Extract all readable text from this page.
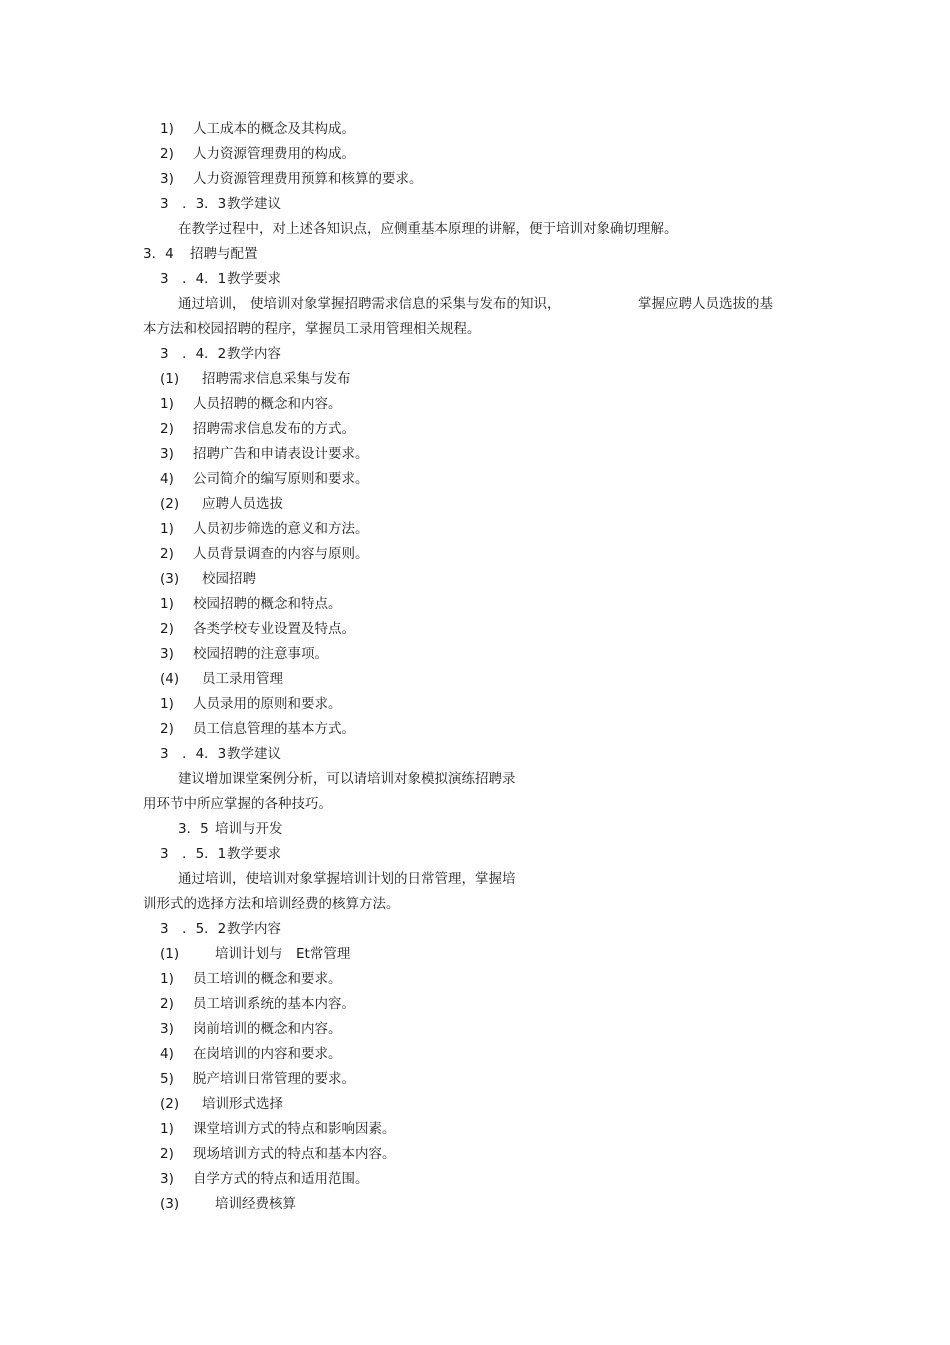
1) 人工成本的概念及其构成。
2) 人力资源管理费用的构成。
3) 人力资源管理费用预算和核算的要求。
3　．3．3 教学建议
在教学过程中，对上述各知识点，应侧重基本原理的讲解，便于培训对象确切理解。
3．4 招聘与配置
3　．4．1 教学要求
通过培训， 使培训对象掌握招聘需求信息的采集与发布的知识，	掌握应聘人员选拔的基
本方法和校园招聘的程序，掌握员工录用管理相关规程。
3　．4．2 教学内容
(1) 招聘需求信息采集与发布
1) 人员招聘的概念和内容。
2) 招聘需求信息发布的方式。
3) 招聘广告和申请表设计要求。
4) 公司简介的编写原则和要求。
(2) 应聘人员选拔
1) 人员初步筛选的意义和方法。
2) 人员背景调查的内容与原则。
(3) 校园招聘
1) 校园招聘的概念和特点。
2) 各类学校专业设置及特点。
3) 校园招聘的注意事项。
(4) 员工录用管理
1) 人员录用的原则和要求。
2) 员工信息管理的基本方式。
3　．4．3 教学建议
建议增加课堂案例分析，可以请培训对象模拟演练招聘录
用环节中所应掌握的各种技巧。
3．5 培训与开发
3　．5．1 教学要求
通过培训，使培训对象掌握培训计划的日常管理，掌握培
训形式的选择方法和培训经费的核算方法。
3　．5．2 教学内容
(1)	培训计划与　Et常管理
1) 员工培训的概念和要求。
2) 员工培训系统的基本内容。
3) 岗前培训的概念和内容。
4) 在岗培训的内容和要求。
5) 脱产培训日常管理的要求。
(2) 培训形式选择
1) 课堂培训方式的特点和影响因素。
2) 现场培训方式的特点和基本内容。
3) 自学方式的特点和适用范围。
(3)	培训经费核算
